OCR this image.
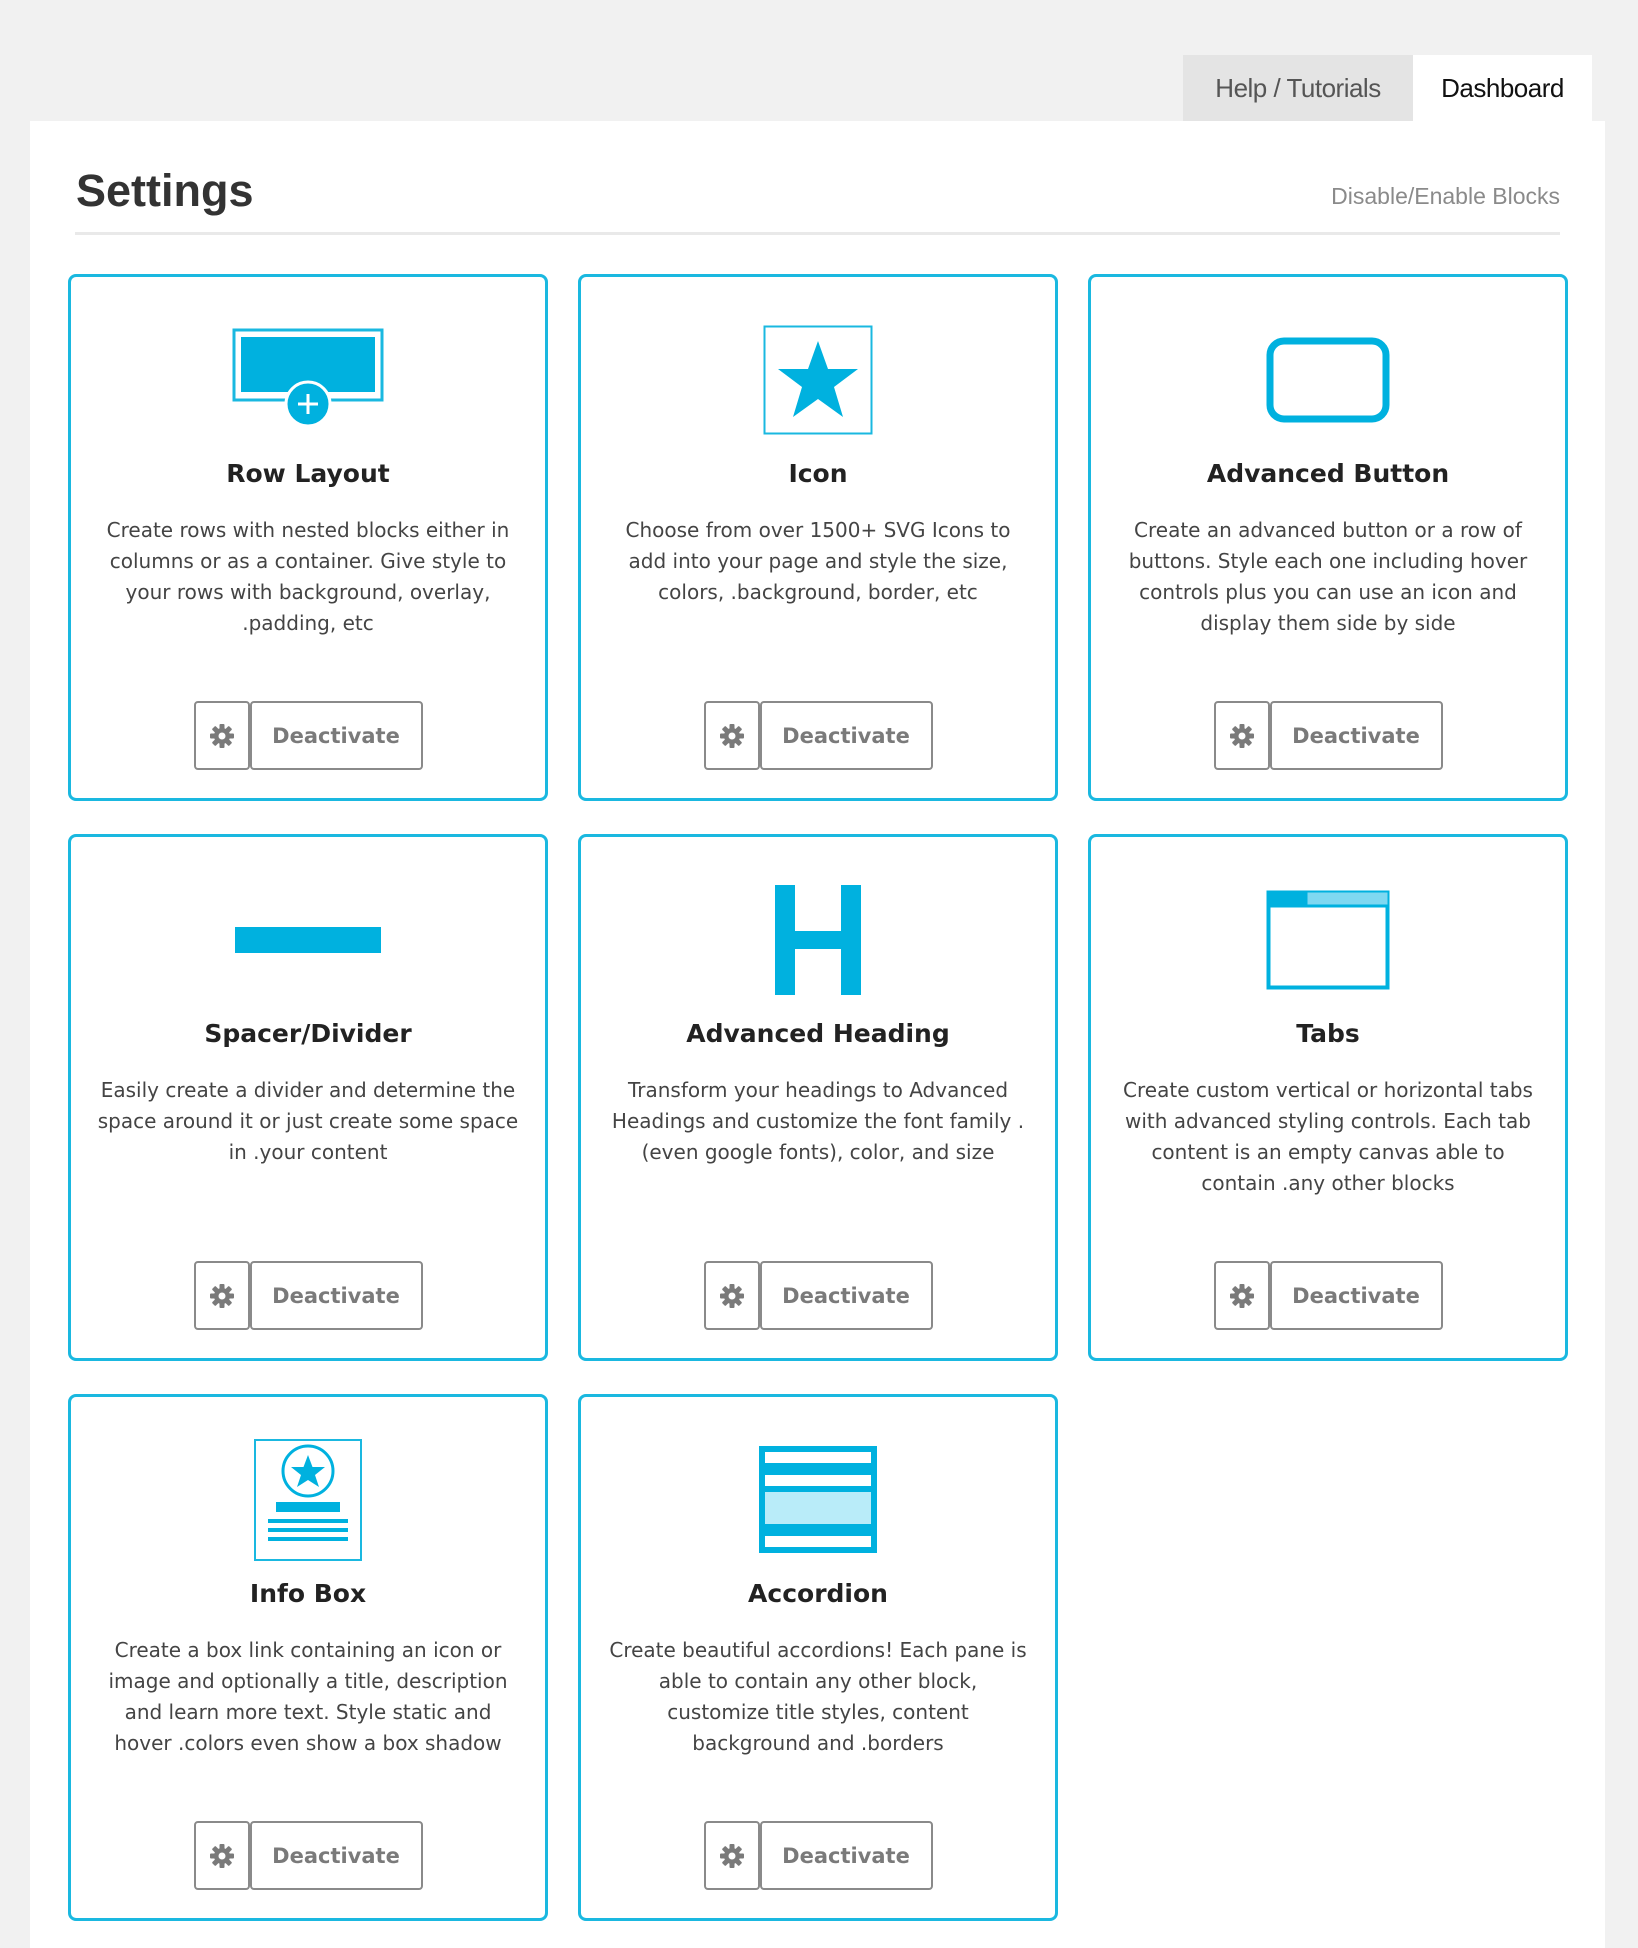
Help / Tutorials	Dashboard
Settings	Disable/Enable Blocks
Row Layout
Create rows with nested blocks either in columns or as a container. Give style to your rows with background, overlay, .padding, etc
Deactivate
Icon
Choose from over 1500+ SVG Icons to add into your page and style the size, colors, .background, border, etc
Deactivate
Advanced Button
Create an advanced button or a row of buttons. Style each one including hover controls plus you can use an icon and display them side by side
Deactivate
Spacer/Divider
Easily create a divider and determine the space around it or just create some space in .your content
Deactivate
Advanced Heading
Transform your headings to Advanced Headings and customize the font family .(even google fonts), color, and size
Deactivate
Tabs
Create custom vertical or horizontal tabs with advanced styling controls. Each tab content is an empty canvas able to contain .any other blocks
Deactivate
Info Box
Create a box link containing an icon or image and optionally a title, description and learn more text. Style static and hover .colors even show a box shadow
Deactivate
Accordion
Create beautiful accordions! Each pane is able to contain any other block, customize title styles, content background and .borders
Deactivate
